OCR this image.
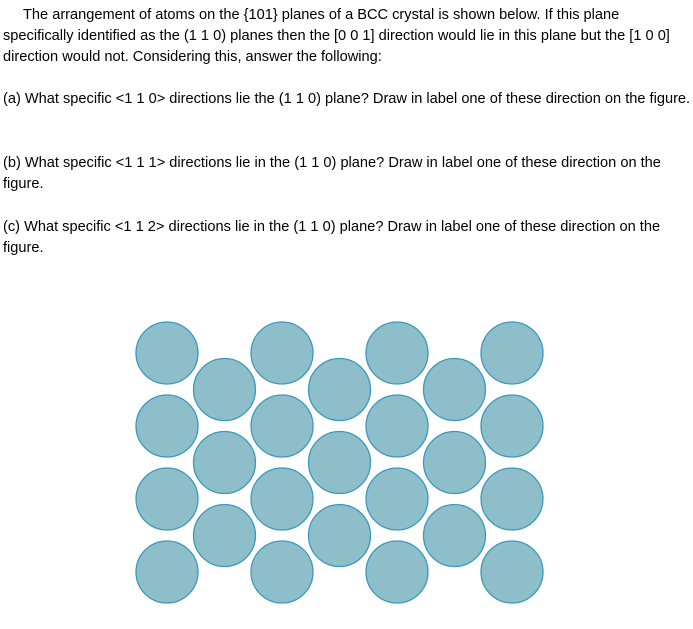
The arrangement of atoms on the {101} planes of a BCC crystal is shown below. If this plane specifically identified as the (1 1 0) planes then the [0 0 1] direction would lie in this plane but the [1 0 0] direction would not. Considering this, answer the following:

(a) What specific <1 1 0> directions lie the (1 1 0) plane? Draw in label one of these direction on the figure.

(b) What specific <1 1 1> directions lie in the (1 1 0) plane? Draw in label one of these direction on the figure.

(c) What specific <1 1 2> directions lie in the (1 1 0) plane? Draw in label one of these direction on the figure.
